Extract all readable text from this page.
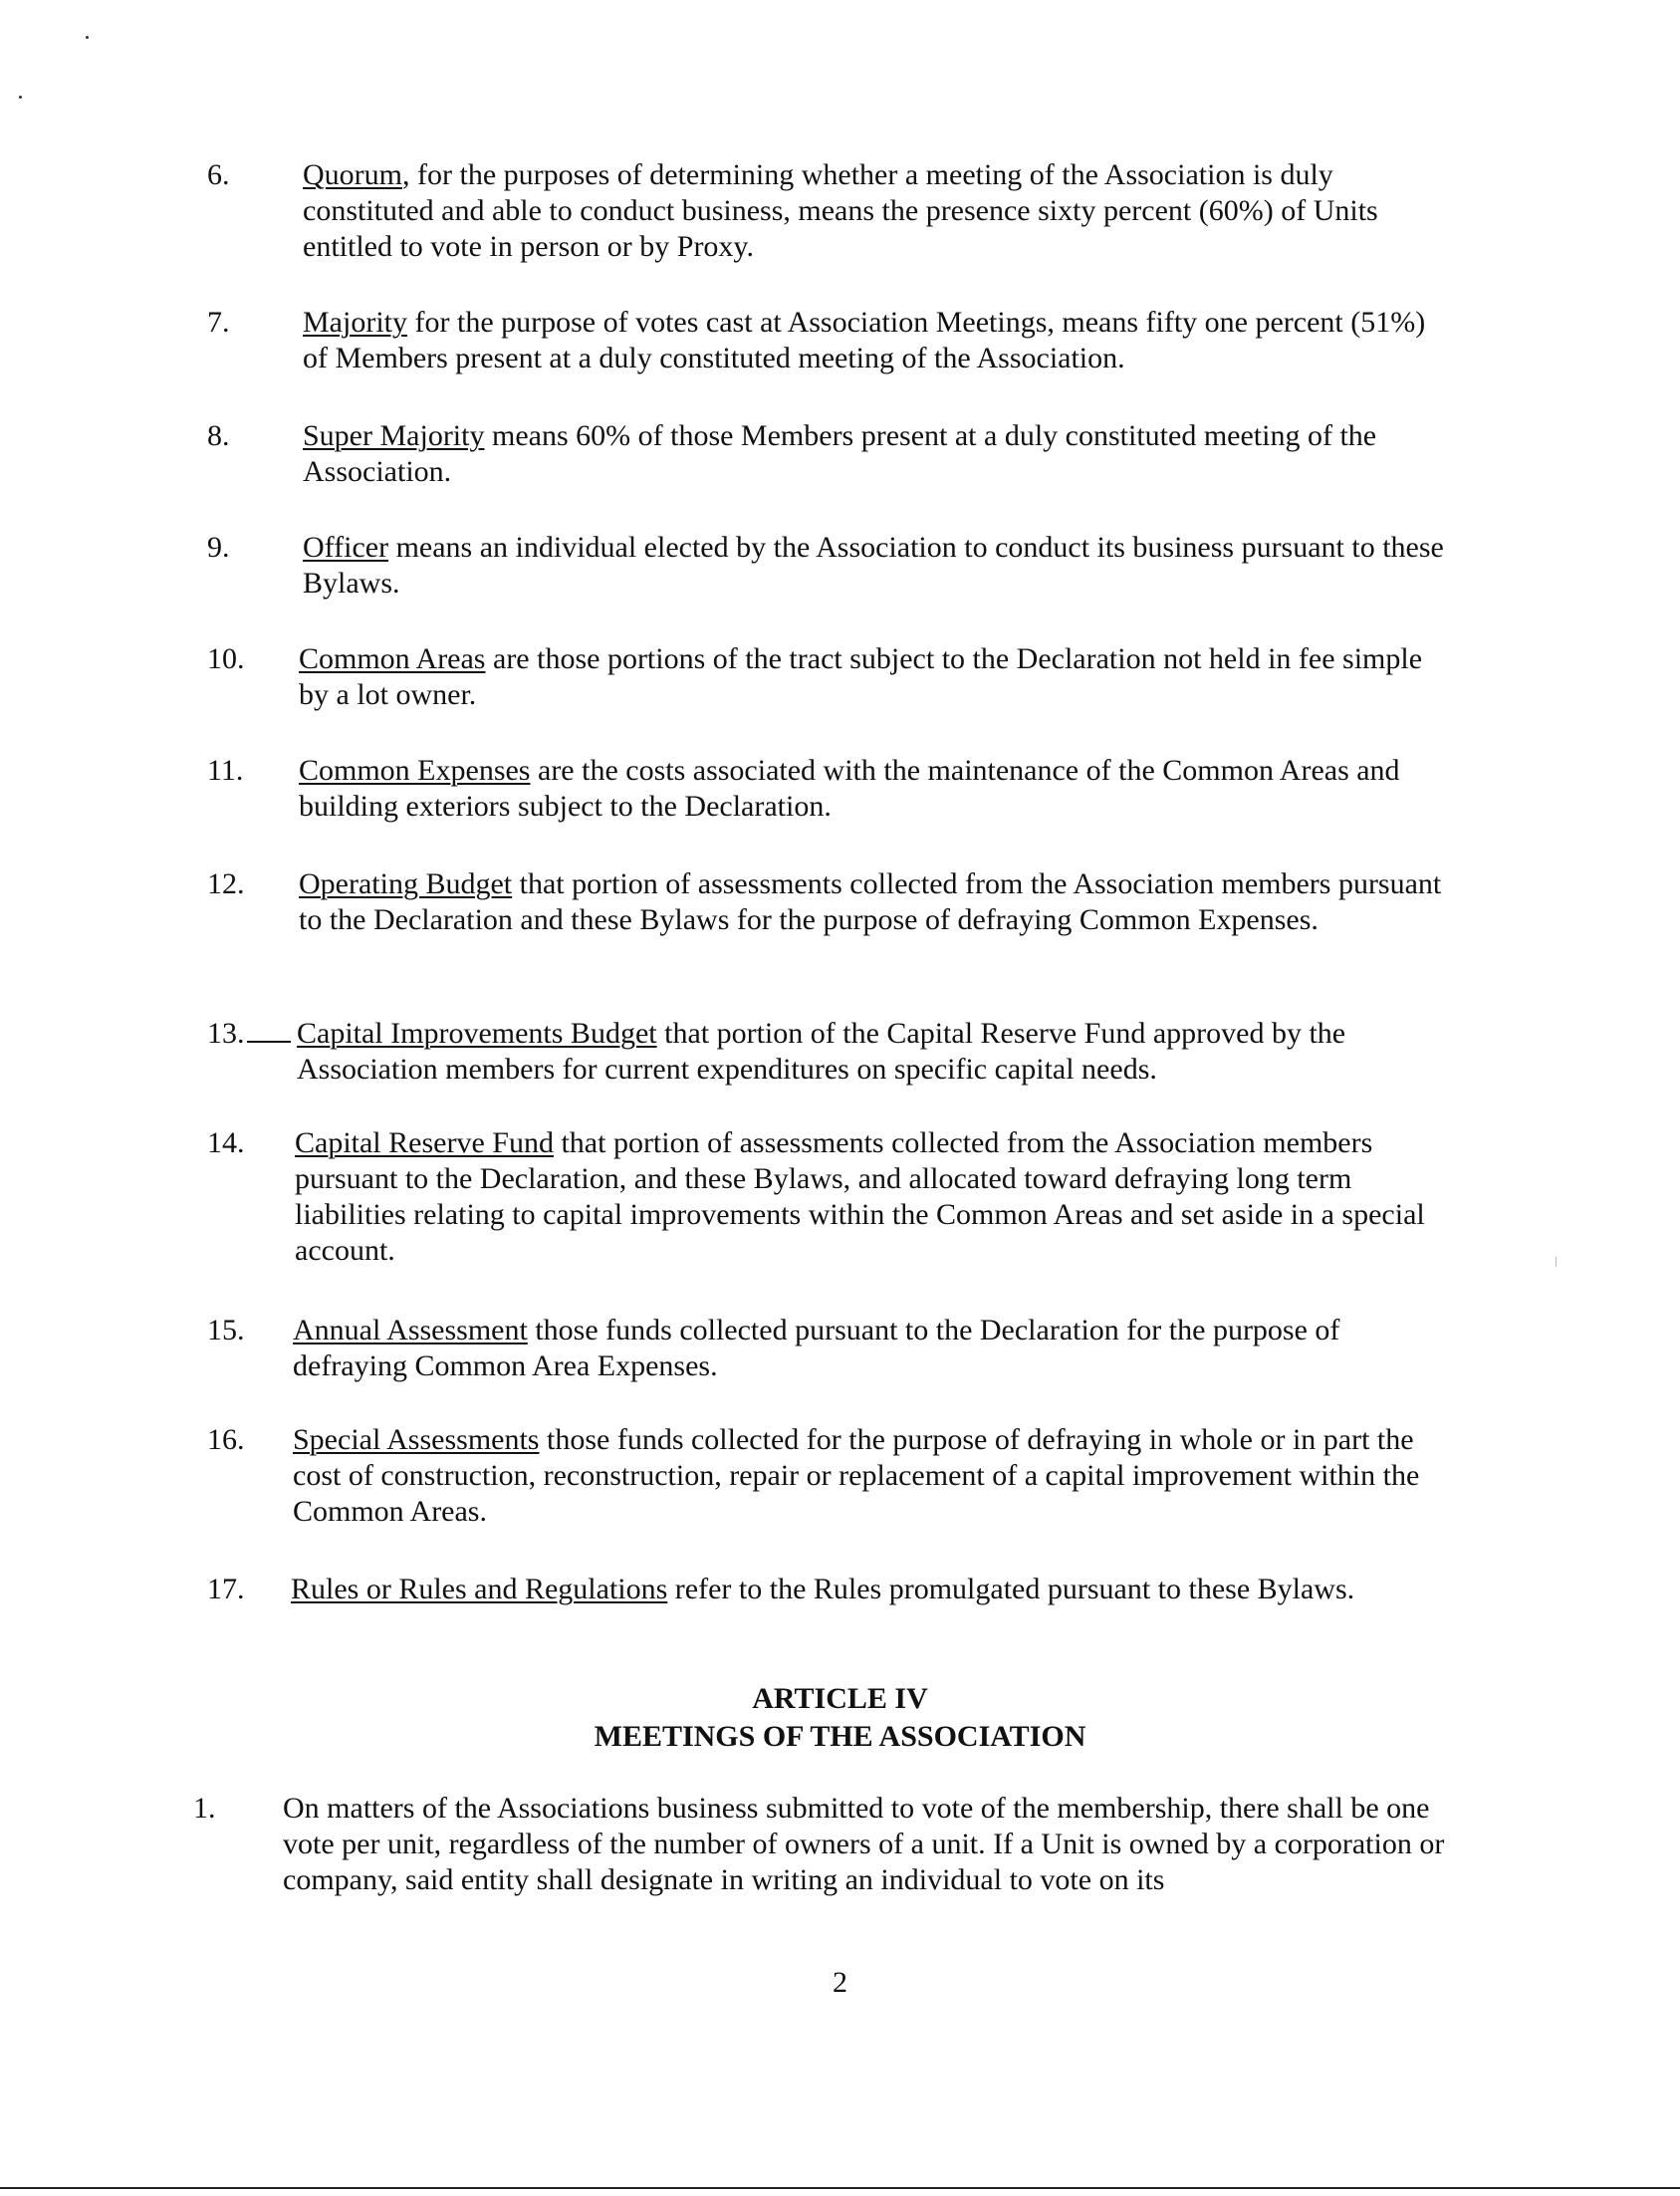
6. Quorum, for the purposes of determining whether a meeting of the Association is duly constituted and able to conduct business, means the presence sixty percent (60%) of Units entitled to vote in person or by Proxy.
7. Majority for the purpose of votes cast at Association Meetings, means fifty one percent (51%) of Members present at a duly constituted meeting of the Association.
8. Super Majority means 60% of those Members present at a duly constituted meeting of the Association.
9. Officer means an individual elected by the Association to conduct its business pursuant to these Bylaws.
10. Common Areas are those portions of the tract subject to the Declaration not held in fee simple by a lot owner.
11. Common Expenses are the costs associated with the maintenance of the Common Areas and building exteriors subject to the Declaration.
12. Operating Budget that portion of assessments collected from the Association members pursuant to the Declaration and these Bylaws for the purpose of defraying Common Expenses.
13.	Capital Improvements Budget that portion of the Capital Reserve Fund approved by the Association members for current expenditures on specific capital needs.
14. Capital Reserve Fund that portion of assessments collected from the Association members pursuant to the Declaration, and these Bylaws, and allocated toward defraying long term liabilities relating to capital improvements within the Common Areas and set aside in a special account.
15. Annual Assessment those funds collected pursuant to the Declaration for the purpose of defraying Common Area Expenses.
16. Special Assessments those funds collected for the purpose of defraying in whole or in part the cost of construction, reconstruction, repair or replacement of a capital improvement within the Common Areas.
17. Rules or Rules and Regulations refer to the Rules promulgated pursuant to these Bylaws.
ARTICLE IV
MEETINGS OF THE ASSOCIATION
1. On matters of the Associations business submitted to vote of the membership, there shall be one vote per unit, regardless of the number of owners of a unit. If a Unit is owned by a corporation or company, said entity shall designate in writing an individual to vote on its
2
